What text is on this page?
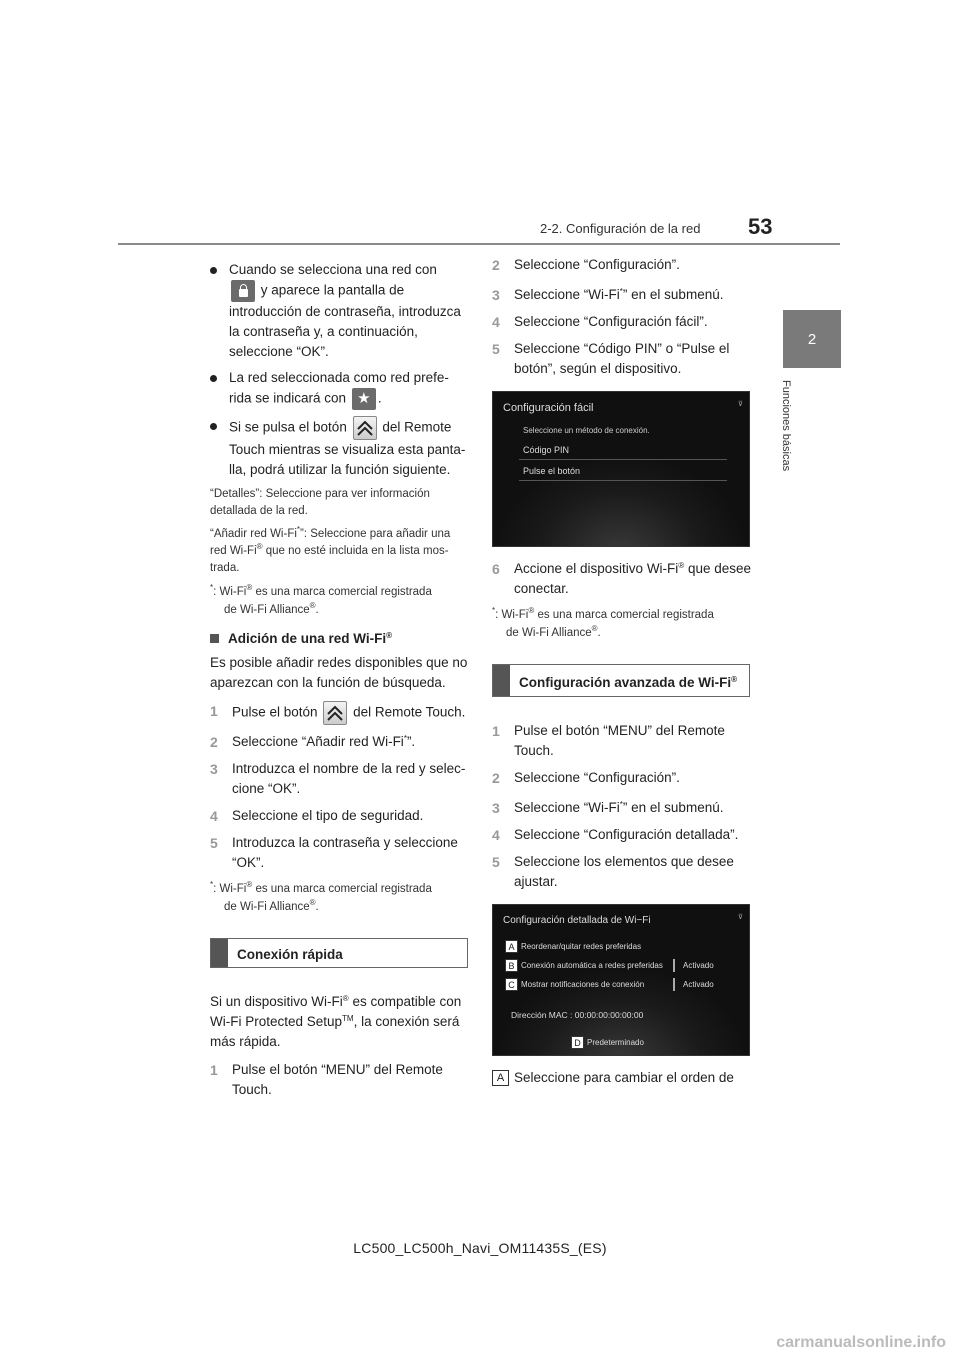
2-2. Configuración de la red 53
2
Funciones básicas
Cuando se selecciona una red con
y aparece la pantalla de introducción de contraseña, introduzca la contraseña y, a continuación, seleccione “OK”.
La red seleccionada como red prefe-rida se indicará con ★ .
Si se pulsa el botón	del Remote Touch mientras se visualiza esta panta-lla, podrá utilizar la función siguiente.
“Detalles”: Seleccione para ver información detallada de la red.
“Añadir red Wi-Fi*”: Seleccione para añadir una red Wi-Fi® que no esté incluida en la lista mos-trada.
*: Wi-Fi® es una marca comercial registrada
de Wi-Fi Alliance®.
Adición de una red Wi-Fi®
Es posible añadir redes disponibles que no aparezcan con la función de búsqueda.
1 Pulse el botón	del Remote Touch.
2 Seleccione “Añadir red Wi-Fi*”.
3 Introduzca el nombre de la red y selec-cione “OK”.
4 Seleccione el tipo de seguridad.
5 Introduzca la contraseña y seleccione “OK”.
*: Wi-Fi® es una marca comercial registrada
de Wi-Fi Alliance®.
Conexión rápida
Si un dispositivo Wi-Fi® es compatible con Wi-Fi Protected Setup™, la conexión será más rápida.
1 Pulse el botón “MENU” del Remote Touch.
2 Seleccione “Configuración”.
3 Seleccione “Wi-Fi*” en el submenú.
4 Seleccione “Configuración fácil”.
5 Seleccione “Código PIN” o “Pulse el botón”, según el dispositivo.
Configuración fácil	⊽
Seleccione un método de conexión.
Código PIN
Pulse el botón
6 Accione el dispositivo Wi-Fi® que desee conectar.
*: Wi-Fi® es una marca comercial registrada
de Wi-Fi Alliance®.
Configuración avanzada de Wi-Fi®
1 Pulse el botón “MENU” del Remote Touch.
2 Seleccione “Configuración”.
3 Seleccione “Wi-Fi*” en el submenú.
4 Seleccione “Configuración detallada”.
5 Seleccione los elementos que desee ajustar.
Configuración detallada de Wi−Fi	⊽
A Reordenar/quitar redes preferidas
B Conexión automática a redes preferidas	Activado
C Mostrar notificaciones de conexión	Activado
Dirección MAC : 00:00:00:00:00:00
D Predeterminado
A Seleccione para cambiar el orden de
LC500_LC500h_Navi_OM11435S_(ES)
carmanualsonline.info
